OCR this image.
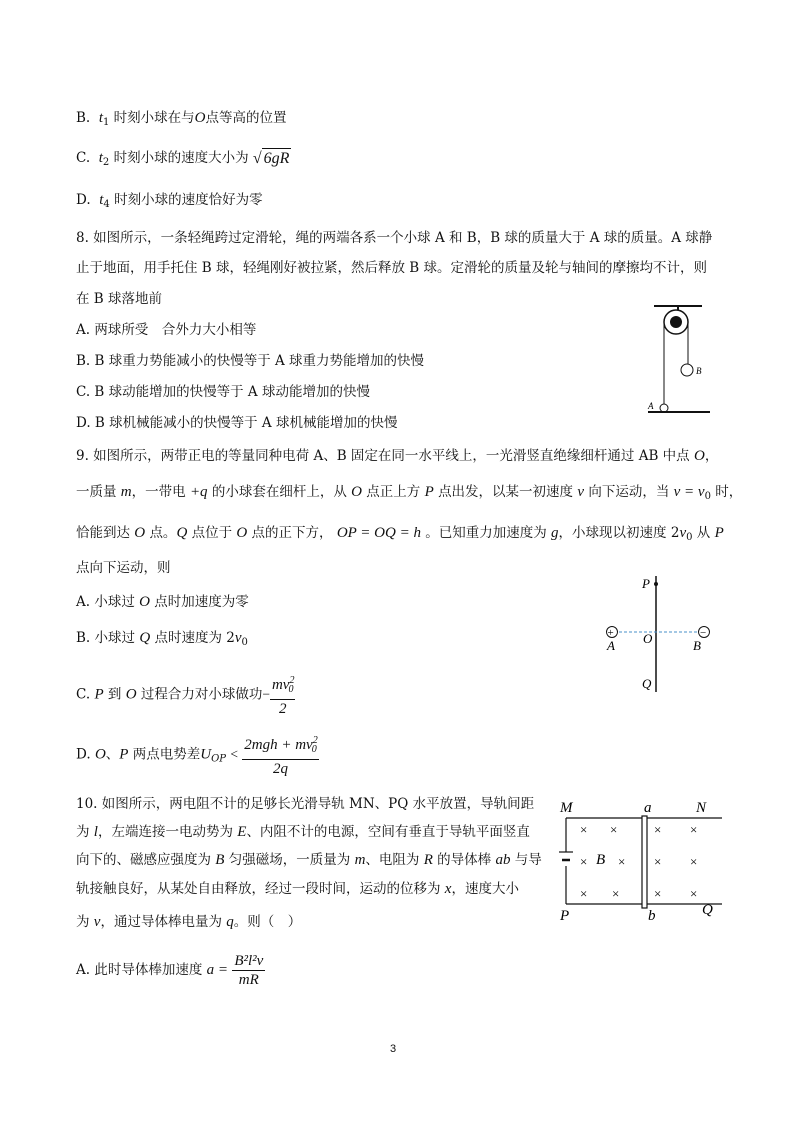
B. $t_1$ 时刻小球在与O点等高的位置
C. $t_2$ 时刻小球的速度大小为 √ 6gR
D. $t_4$ 时刻小球的速度恰好为零
8. 如图所示，一条轻绳跨过定滑轮，绳的两端各系一个小球 A 和 B，B 球的质量大于 A 球的质量。A 球静
止于地面，用手托住 B 球，轻绳刚好被拉紧，然后释放 B 球。定滑轮的质量及轮与轴间的摩擦均不计，则
在 B 球落地前
A. 两球所受　合外力大小相等
B. B 球重力势能减小的快慢等于 A 球重力势能增加的快慢
C. B 球动能增加的快慢等于 A 球动能增加的快慢
D. B 球机械能减小的快慢等于 A 球机械能增加的快慢
B
A
9. 如图所示，两带正电的等量同种电荷 A、B 固定在同一水平线上，一光滑竖直绝缘细杆通过 AB 中点 O，
一质量 m，一带电 +q 的小球套在细杆上，从 O 点正上方 P 点出发，以某一初速度 v 向下运动，当 $v = v_0$ 时，
恰能到达 O 点。Q 点位于 O 点的正下方， OP = OQ = h 。已知重力加速度为 g，小球现以初速度 $2v_0$ 从 P
点向下运动，则
A. 小球过 O 点时加速度为零
B. 小球过 Q 点时速度为 $2v_0$
C. P 到 O 过程合力对小球做功− $\frac{mv^2_0}{2}$
D. O、P 两点电势差$U_{OP} < \frac{2mgh + mv^2_0}{2q}$
P
+	−
A O	B
Q
10. 如图所示，两电阻不计的足够长光滑导轨 MN、PQ 水平放置，导轨间距
为 l，左端连接一电动势为 E、内阻不计的电源，空间有垂直于导轨平面竖直
向下的、磁感应强度为 B 匀强磁场，一质量为 m、电阻为 R 的导体棒 ab 与导
轨接触良好，从某处自由释放，经过一段时间，运动的位移为 x，速度大小
为 v，通过导体棒电量为 q。则（　）
A. 此时导体棒加速度 $a = \frac{\text{B²l²v}}{mR}$
M	a	N
× ×	× ×
× B × × ×
× ×	× ×
P	b	Q
3
